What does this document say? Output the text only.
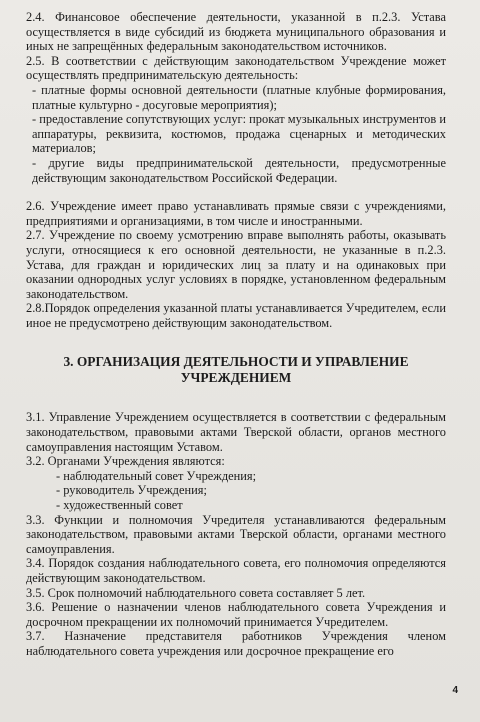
2.4. Финансовое обеспечение деятельности, указанной в п.2.3. Устава осуществляется в виде субсидий из бюджета муниципального образования и иных не запрещённых федеральным законодательством источников.

2.5. В соответствии с действующим законодательством Учреждение может осуществлять предпринимательскую деятельность:

- платные формы основной деятельности (платные клубные формирования, платные культурно - досуговые мероприятия);
- предоставление сопутствующих услуг: прокат музыкальных инструментов и аппаратуры, реквизита, костюмов, продажа сценарных и методических материалов;
- другие виды предпринимательской деятельности, предусмотренные действующим законодательством Российской Федерации.

2.6. Учреждение имеет право устанавливать прямые связи с учреждениями, предприятиями и организациями, в том числе и иностранными.

2.7. Учреждение по своему усмотрению вправе выполнять работы, оказывать услуги, относящиеся к его основной деятельности, не указанные в п.2.3. Устава, для граждан и юридических лиц за плату и на одинаковых при оказании однородных услуг условиях в порядке, установленном федеральным законодательством.

2.8.Порядок определения указанной платы устанавливается Учредителем, если иное не предусмотрено действующим законодательством.

3. ОРГАНИЗАЦИЯ ДЕЯТЕЛЬНОСТИ И УПРАВЛЕНИЕ УЧРЕЖДЕНИЕМ

3.1. Управление Учреждением осуществляется в соответствии с федеральным законодательством, правовыми актами Тверской области, органов местного самоуправления настоящим Уставом.

3.2. Органами Учреждения являются:

- наблюдательный совет Учреждения;
- руководитель Учреждения;
- художественный совет

3.3. Функции и полномочия Учредителя устанавливаются федеральным законодательством, правовыми актами Тверской области, органами местного самоуправления.

3.4. Порядок создания наблюдательного совета, его полномочия определяются действующим законодательством.

3.5. Срок полномочий наблюдательного совета составляет 5 лет.

3.6. Решение о назначении членов наблюдательного совета Учреждения и досрочном прекращении их полномочий принимается Учредителем.

3.7. Назначение представителя работников Учреждения членом наблюдательного совета учреждения или досрочное прекращение его

4
